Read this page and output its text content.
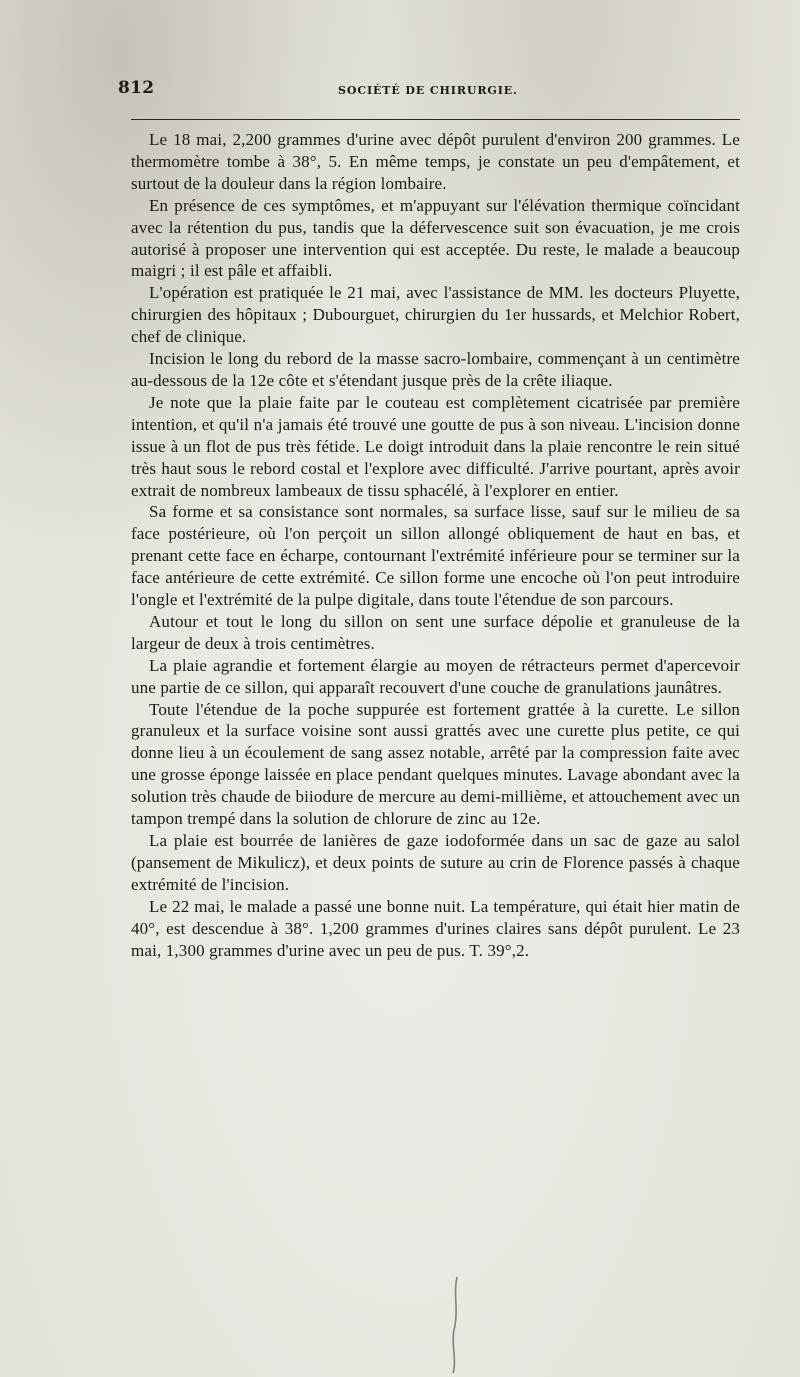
812	SOCIÉTÉ DE CHIRURGIE.

Le 18 mai, 2,200 grammes d'urine avec dépôt purulent d'environ 200 grammes. Le thermomètre tombe à 38°, 5. En même temps, je constate un peu d'empâtement, et surtout de la douleur dans la région lombaire.

En présence de ces symptômes, et m'appuyant sur l'élévation thermique coïncidant avec la rétention du pus, tandis que la défervescence suit son évacuation, je me crois autorisé à proposer une intervention qui est acceptée. Du reste, le malade a beaucoup maigri ; il est pâle et affaibli.

L'opération est pratiquée le 21 mai, avec l'assistance de MM. les docteurs Pluyette, chirurgien des hôpitaux ; Dubourguet, chirurgien du 1er hussards, et Melchior Robert, chef de clinique.

Incision le long du rebord de la masse sacro-lombaire, commençant à un centimètre au-dessous de la 12e côte et s'étendant jusque près de la crête iliaque.

Je note que la plaie faite par le couteau est complètement cicatrisée par première intention, et qu'il n'a jamais été trouvé une goutte de pus à son niveau. L'incision donne issue à un flot de pus très fétide. Le doigt introduit dans la plaie rencontre le rein situé très haut sous le rebord costal et l'explore avec difficulté. J'arrive pourtant, après avoir extrait de nombreux lambeaux de tissu sphacélé, à l'explorer en entier.

Sa forme et sa consistance sont normales, sa surface lisse, sauf sur le milieu de sa face postérieure, où l'on perçoit un sillon allongé obliquement de haut en bas, et prenant cette face en écharpe, contournant l'extrémité inférieure pour se terminer sur la face antérieure de cette extrémité. Ce sillon forme une encoche où l'on peut introduire l'ongle et l'extrémité de la pulpe digitale, dans toute l'étendue de son parcours.

Autour et tout le long du sillon on sent une surface dépolie et granuleuse de la largeur de deux à trois centimètres.

La plaie agrandie et fortement élargie au moyen de rétracteurs permet d'apercevoir une partie de ce sillon, qui apparaît recouvert d'une couche de granulations jaunâtres.

Toute l'étendue de la poche suppurée est fortement grattée à la curette. Le sillon granuleux et la surface voisine sont aussi grattés avec une curette plus petite, ce qui donne lieu à un écoulement de sang assez notable, arrêté par la compression faite avec une grosse éponge laissée en place pendant quelques minutes. Lavage abondant avec la solution très chaude de biiodure de mercure au demi-millième, et attouchement avec un tampon trempé dans la solution de chlorure de zinc au 12e.

La plaie est bourrée de lanières de gaze iodoformée dans un sac de gaze au salol (pansement de Mikulicz), et deux points de suture au crin de Florence passés à chaque extrémité de l'incision.

Le 22 mai, le malade a passé une bonne nuit. La température, qui était hier matin de 40°, est descendue à 38°. 1,200 grammes d'urines claires sans dépôt purulent. Le 23 mai, 1,300 grammes d'urine avec un peu de pus. T. 39°,2.
